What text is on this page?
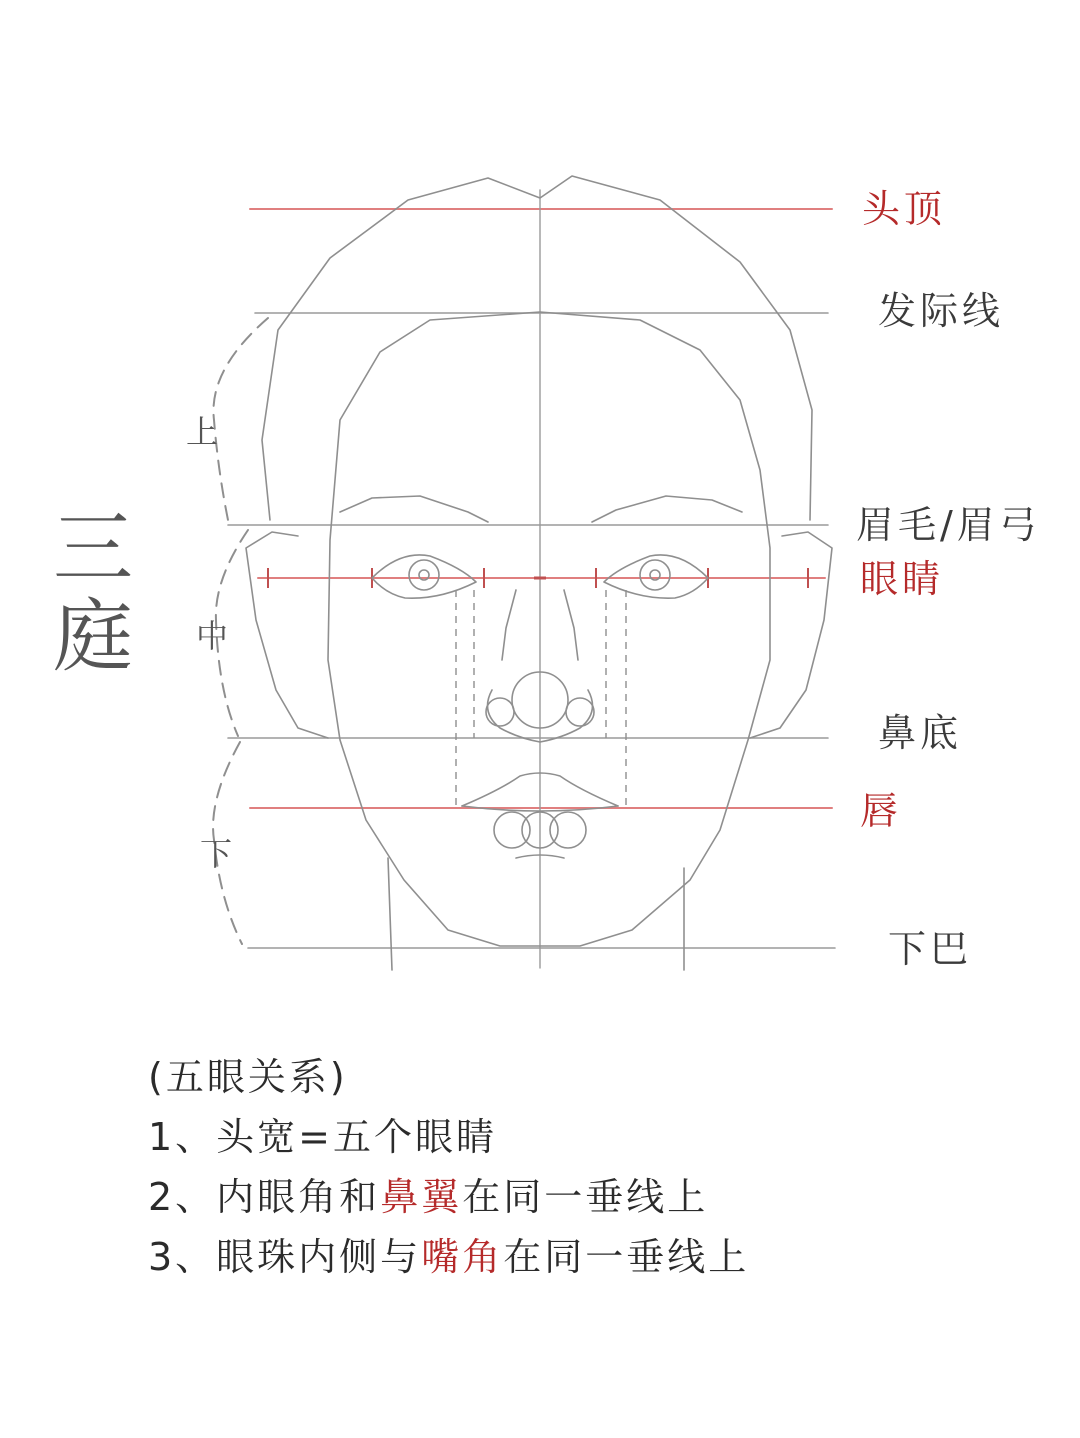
头顶
发际线
眉毛/眉弓
眼睛
鼻底
唇
下巴
上
中
下
三
庭
(五眼关系)
1、头宽=五个眼睛
2、内眼角和鼻翼在同一垂线上
3、眼珠内侧与嘴角在同一垂线上
